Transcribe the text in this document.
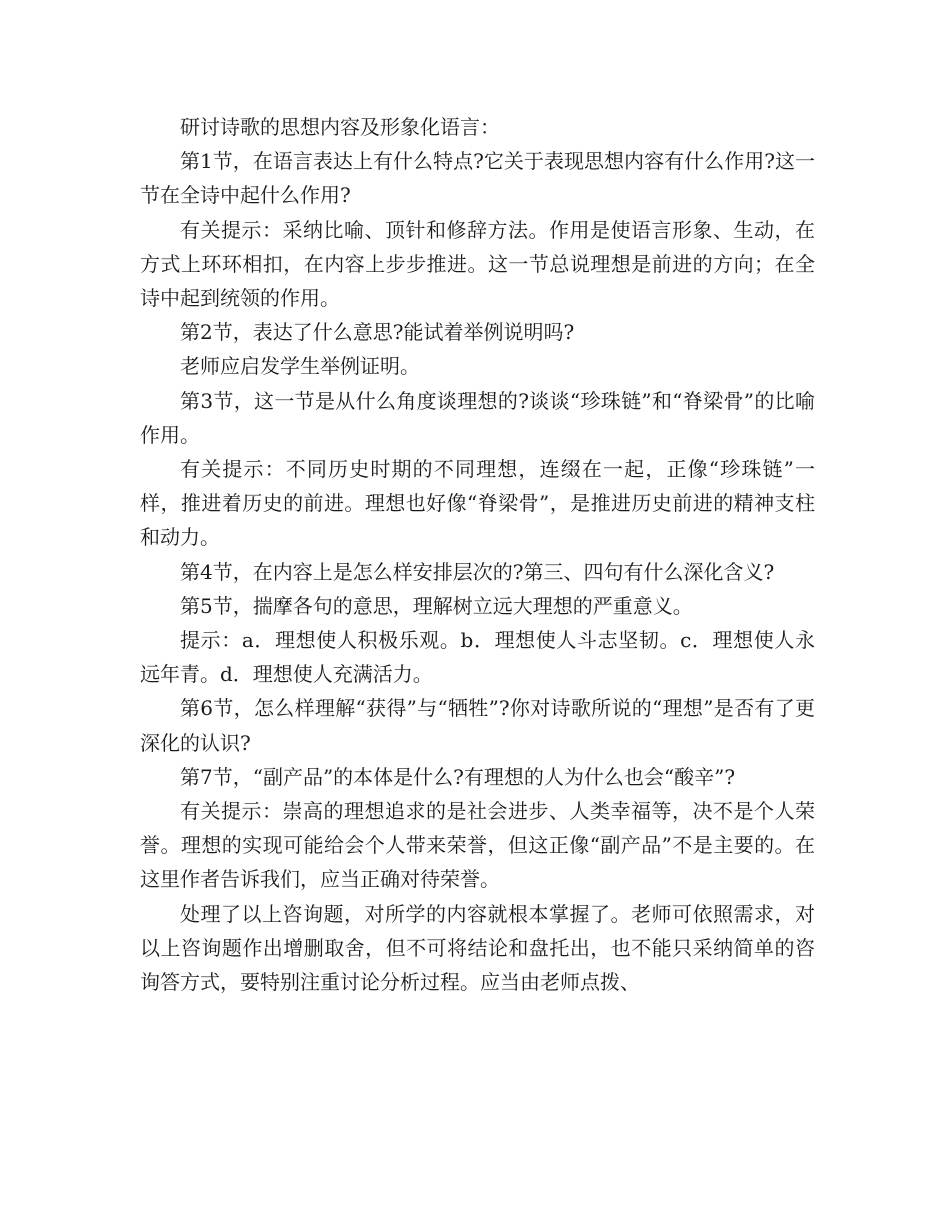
研讨诗歌的思想内容及形象化语言：

第1节，在语言表达上有什么特点?它关于表现思想内容有什么作用?这一节在全诗中起什么作用?

有关提示：采纳比喻、顶针和修辞方法。作用是使语言形象、生动，在方式上环环相扣，在内容上步步推进。这一节总说理想是前进的方向；在全诗中起到统领的作用。

第2节，表达了什么意思?能试着举例说明吗?

老师应启发学生举例证明。

第3节，这一节是从什么角度谈理想的?谈谈“珍珠链”和“脊梁骨”的比喻作用。

有关提示：不同历史时期的不同理想，连缀在一起，正像“珍珠链”一样，推进着历史的前进。理想也好像“脊梁骨”，是推进历史前进的精神支柱和动力。

第4节，在内容上是怎么样安排层次的?第三、四句有什么深化含义?

第5节，揣摩各句的意思，理解树立远大理想的严重意义。

提示：a．理想使人积极乐观。b．理想使人斗志坚韧。c．理想使人永远年青。d．理想使人充满活力。

第6节，怎么样理解“获得”与“牺牲”?你对诗歌所说的“理想”是否有了更深化的认识?

第7节，“副产品”的本体是什么?有理想的人为什么也会“酸辛”?

有关提示：崇高的理想追求的是社会进步、人类幸福等，决不是个人荣誉。理想的实现可能给会个人带来荣誉，但这正像“副产品”不是主要的。在这里作者告诉我们，应当正确对待荣誉。

处理了以上咨询题，对所学的内容就根本掌握了。老师可依照需求，对以上咨询题作出增删取舍，但不可将结论和盘托出，也不能只采纳简单的咨询答方式，要特别注重讨论分析过程。应当由老师点拨、
